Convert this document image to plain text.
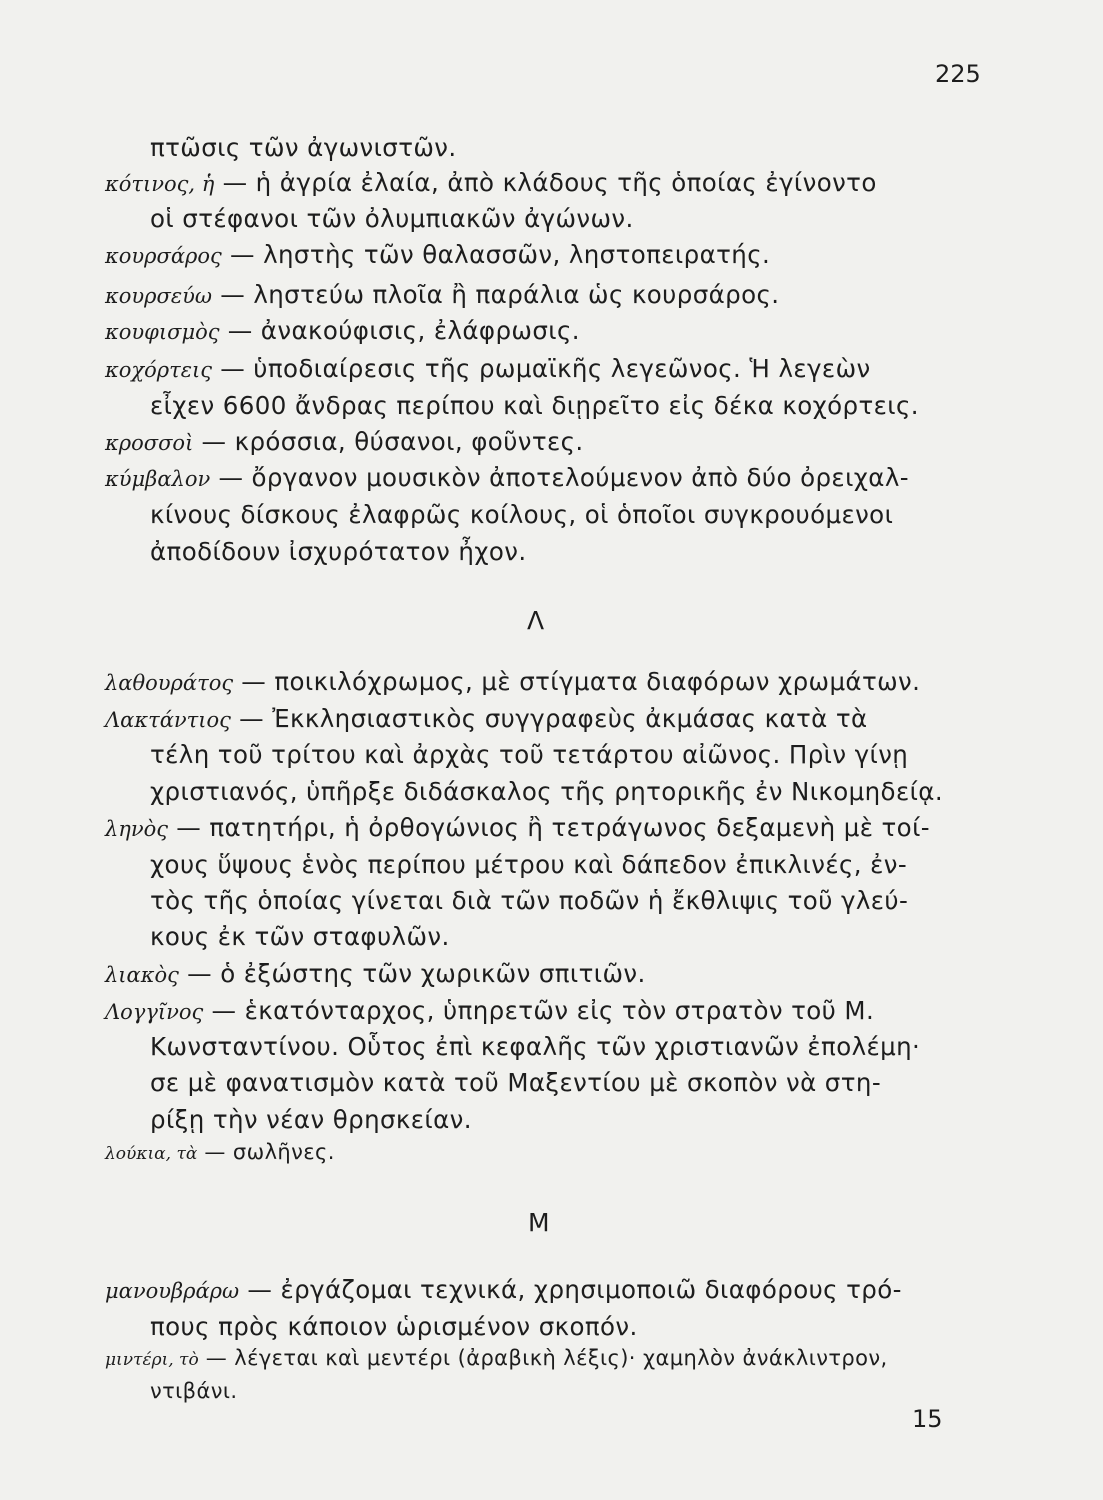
225
πτῶσις τῶν ἀγωνιστῶν.
κότινος, ἡ — ἡ ἀγρία ἐλαία, ἀπὸ κλάδους τῆς ὁποίας ἐγίνοντο
οἱ στέφανοι τῶν ὀλυμπιακῶν ἀγώνων.
κουρσάρος — ληστὴς τῶν θαλασσῶν, ληστοπειρατής.
κουρσεύω — ληστεύω πλοῖα ἢ παράλια ὡς κουρσάρος.
κουφισμὸς — ἀνακούφισις, ἐλάφρωσις.
κοχόρτεις — ὑποδιαίρεσις τῆς ρωμαϊκῆς λεγεῶνος. Ἡ λεγεὼν
εἶχεν 6600 ἄνδρας περίπου καὶ διῃρεῖτο εἰς δέκα κοχόρτεις.
κροσσοὶ — κρόσσια, θύσανοι, φοῦντες.
κύμβαλον — ὄργανον μουσικὸν ἀποτελούμενον ἀπὸ δύο ὀρειχαλ-
κίνους δίσκους ἐλαφρῶς κοίλους, οἱ ὁποῖοι συγκρουόμενοι
ἀποδίδουν ἰσχυρότατον ἦχον.
Λ
λαθουράτος — ποικιλόχρωμος, μὲ στίγματα διαφόρων χρωμάτων.
Λακτάντιος — Ἐκκλησιαστικὸς συγγραφεὺς ἀκμάσας κατὰ τὰ
τέλη τοῦ τρίτου καὶ ἀρχὰς τοῦ τετάρτου αἰῶνος. Πρὶν γίνῃ
χριστιανός, ὑπῆρξε διδάσκαλος τῆς ρητορικῆς ἐν Νικομηδείᾳ.
ληνὸς — πατητήρι, ἡ ὀρθογώνιος ἢ τετράγωνος δεξαμενὴ μὲ τοί-
χους ὕψους ἑνὸς περίπου μέτρου καὶ δάπεδον ἐπικλινές, ἐν-
τὸς τῆς ὁποίας γίνεται διὰ τῶν ποδῶν ἡ ἔκθλιψις τοῦ γλεύ-
κους ἐκ τῶν σταφυλῶν.
λιακὸς — ὁ ἐξώστης τῶν χωρικῶν σπιτιῶν.
Λογγῖνος — ἑκατόνταρχος, ὑπηρετῶν εἰς τὸν στρατὸν τοῦ Μ.
Κωνσταντίνου. Οὗτος ἐπὶ κεφαλῆς τῶν χριστιανῶν ἐπολέμη·
σε μὲ φανατισμὸν κατὰ τοῦ Μαξεντίου μὲ σκοπὸν νὰ στη-
ρίξῃ τὴν νέαν θρησκείαν.
λούκια, τὰ — σωλῆνες.
Μ
μανουβράρω — ἐργάζομαι τεχνικά, χρησιμοποιῶ διαφόρους τρό-
πους πρὸς κάποιον ὡρισμένον σκοπόν.
μιντέρι, τὸ — λέγεται καὶ μεντέρι (ἀραβικὴ λέξις)· χαμηλὸν ἀνάκλιντρον,
ντιβάνι.
15
